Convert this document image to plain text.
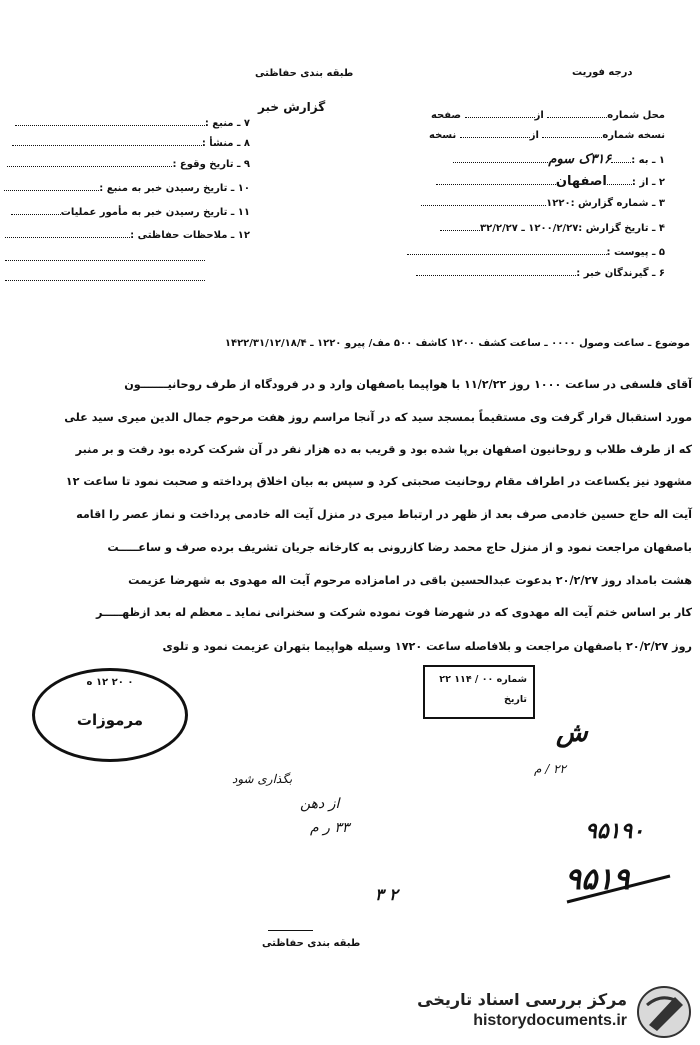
طبقه بندی حفاظتی	درجه فوریت
گزارش خبر
۷ ـ منبع :
۸ ـ منشأ :
۹ ـ تاریخ وقوع :
۱۰ ـ تاریخ رسیدن خبر به منبع :
۱۱ ـ تاریخ رسیدن خبر به مأمور عملیات
۱۲ ـ ملاحظات حفاظتی :
محل شماره از صفحه
نسخه شماره از نسخه
۱ ـ به :۳۱۶ک سوم
۲ ـ از :اصفهان
۳ ـ شماره گزارش :۱۲۲۰
۴ ـ تاریخ گزارش :۱۲۰۰/۲/۲۷ ـ ۳۲/۲/۲۷
۵ ـ پیوست :
۶ ـ گیرندگان خبر :
موضوع ـ ساعت وصول ۰۰۰۰ ـ ساعت کشف ۱۲۰۰ کاشف ۵۰۰ مف/ پیرو ۱۲۲۰ ـ ۱۴۲۲/۳۱/۱۲/۱۸/۴
آقای فلسفی در ساعت ۱۰۰۰ روز ۱۱/۲/۲۲ با هواپیما باصفهان وارد و در فرودگاه از طرف روحانیـــــــون
مورد استقبال قرار گرفت وی مستقیماً بمسجد سید که در آنجا مراسم روز هفت مرحوم جمال الدین میری سید علی
که از طرف طلاب و روحانیون اصفهان برپا شده بود و قریب به ده هزار نفر در آن شرکت کرده بود رفت و بر منبر
مشهود نیز یکساعت در اطراف مقام روحانیت صحبتی کرد و سپس به بیان اخلاق پرداخته و صحبت نمود تا ساعت ۱۲
آیت اله حاج حسین خادمی صرف بعد از ظهر در ارتباط میری در منزل آیت اله خادمی پرداخت و نماز عصر را اقامه
باصفهان مراجعت نمود و از منزل حاج محمد رضا کازرونی به کارخانه جریان تشریف برده صرف و ساعـــــت
هشت بامداد روز ۲۰/۲/۲۷ بدعوت عبدالحسین باقی در امامزاده مرحوم آیت اله مهدوی به شهرضا عزیمت
کار بر اساس ختم آیت اله مهدوی که در شهرضا فوت نموده شرکت و سخنرانی نماید ـ معظم له بعد ازظهـــــر
روز ۲۰/۲/۲۷ باصفهان مراجعت و بلافاصله ساعت ۱۷۲۰ وسیله هواپیما بتهران عزیمت نمود و تلوی
۰ ۲۰ ۱۲ ه
مرموزات
شماره ۰۰ / ۱۱۴ ۲۲
تاریخ
ش
۲۲ / م
بگذاری شود
از دهن
۳۳ ر م	۹۵۱۹۰
۹۵۱۹
۳ ۲
طبقه بندی حفاظتی
مرکز بررسی اسناد تاریخی
historydocuments.ir
